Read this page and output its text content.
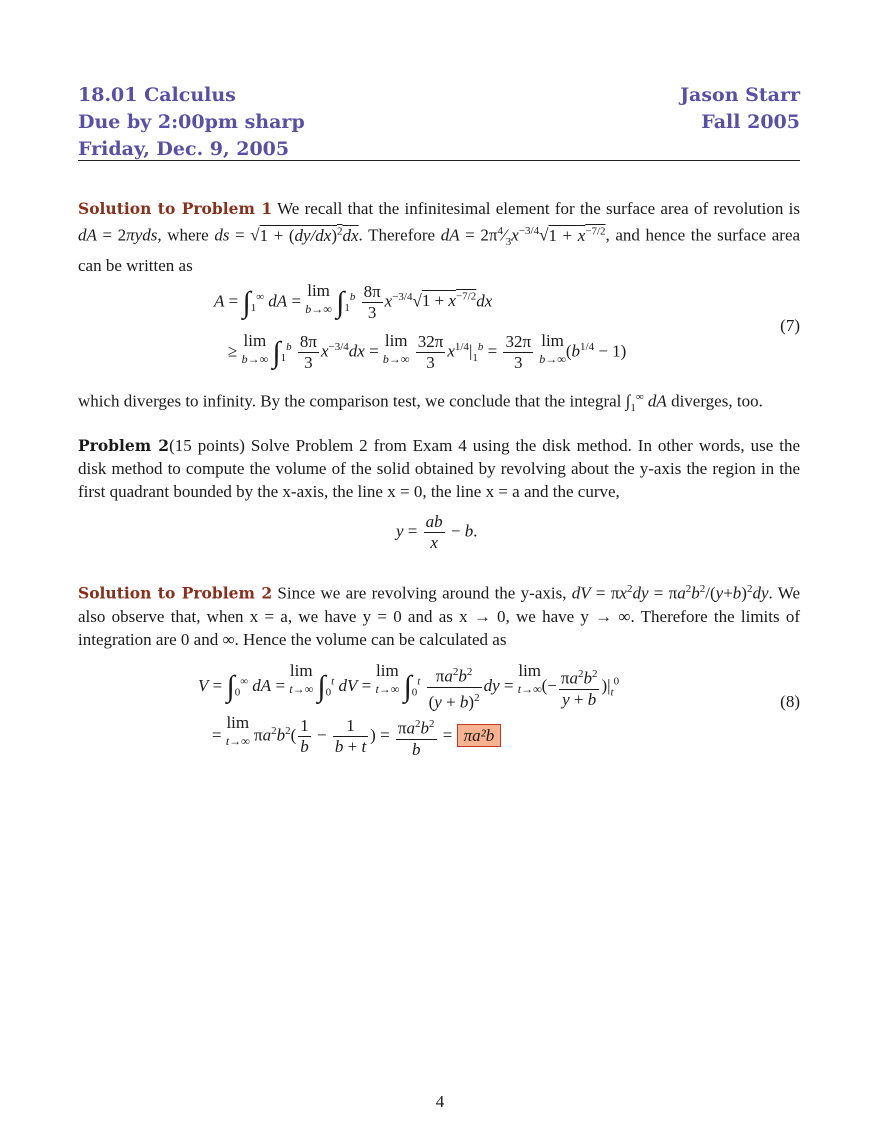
18.01 Calculus
Due by 2:00pm sharp
Friday, Dec. 9, 2005
Jason Starr
Fall 2005
Solution to Problem 1 We recall that the infinitesimal element for the surface area of revolution is dA = 2πyds, where ds = $√1 + (dy/dx)^2dx$. Therefore dA = $2\pi^4⁄_3x^{-3/4}√1 + x^{-7/2}$, and hence the surface area can be written as
$A = \int_1^\infty$ dA = lim
b→∞ $\int_1^b \frac{8\pi}{3} x^{-3/4}√1 + x^{-7/2}dx$
≥ lim
b→∞ $\int_1^b \frac{8\pi}{3} x^{-3/4}dx = \lim$
b→∞
$\frac{32\pi}{3} x^{1/4}|_1^b = \frac{32\pi}{3}$ lim
b→∞ $(b^{1/4} - 1)$
(7)
which diverges to infinity. By the comparison test, we conclude that the integral $\int_1^\infty$ dA diverges, too.
Problem 2(15 points) Solve Problem 2 from Exam 4 using the disk method. In other words, use the disk method to compute the volume of the solid obtained by revolving about the y-axis the region in the first quadrant bounded by the x-axis, the line x = 0, the line x = a and the curve,
$y = \frac{ab}{x} - b$.
Solution to Problem 2 Since we are revolving around the y-axis, dV = $\pi x^2dy = \pi a^2b^2/(y+b)^2dy$. We also observe that, when x = a, we have y = 0 and as x → 0, we have y → ∞. Therefore the limits of integration are 0 and ∞. Hence the volume can be calculated as
$V = \int_0^\infty$ dA = lim
t→∞ $\int_0^t$ dV = lim
t→∞ $\int_0^t \frac{\pi a^2b^2}{(y + b)^2}$ dy = lim
t→∞ (− $\frac{\pi a^2b^2}{y + b} )|_t^0$
= lim
t→∞ $\pi a^2b^2( \frac{1}{b} - \frac{1}{b + t}$ ) = $\frac{\pi a^2b^2}{b} = \pi a^2b$
(8)
4
